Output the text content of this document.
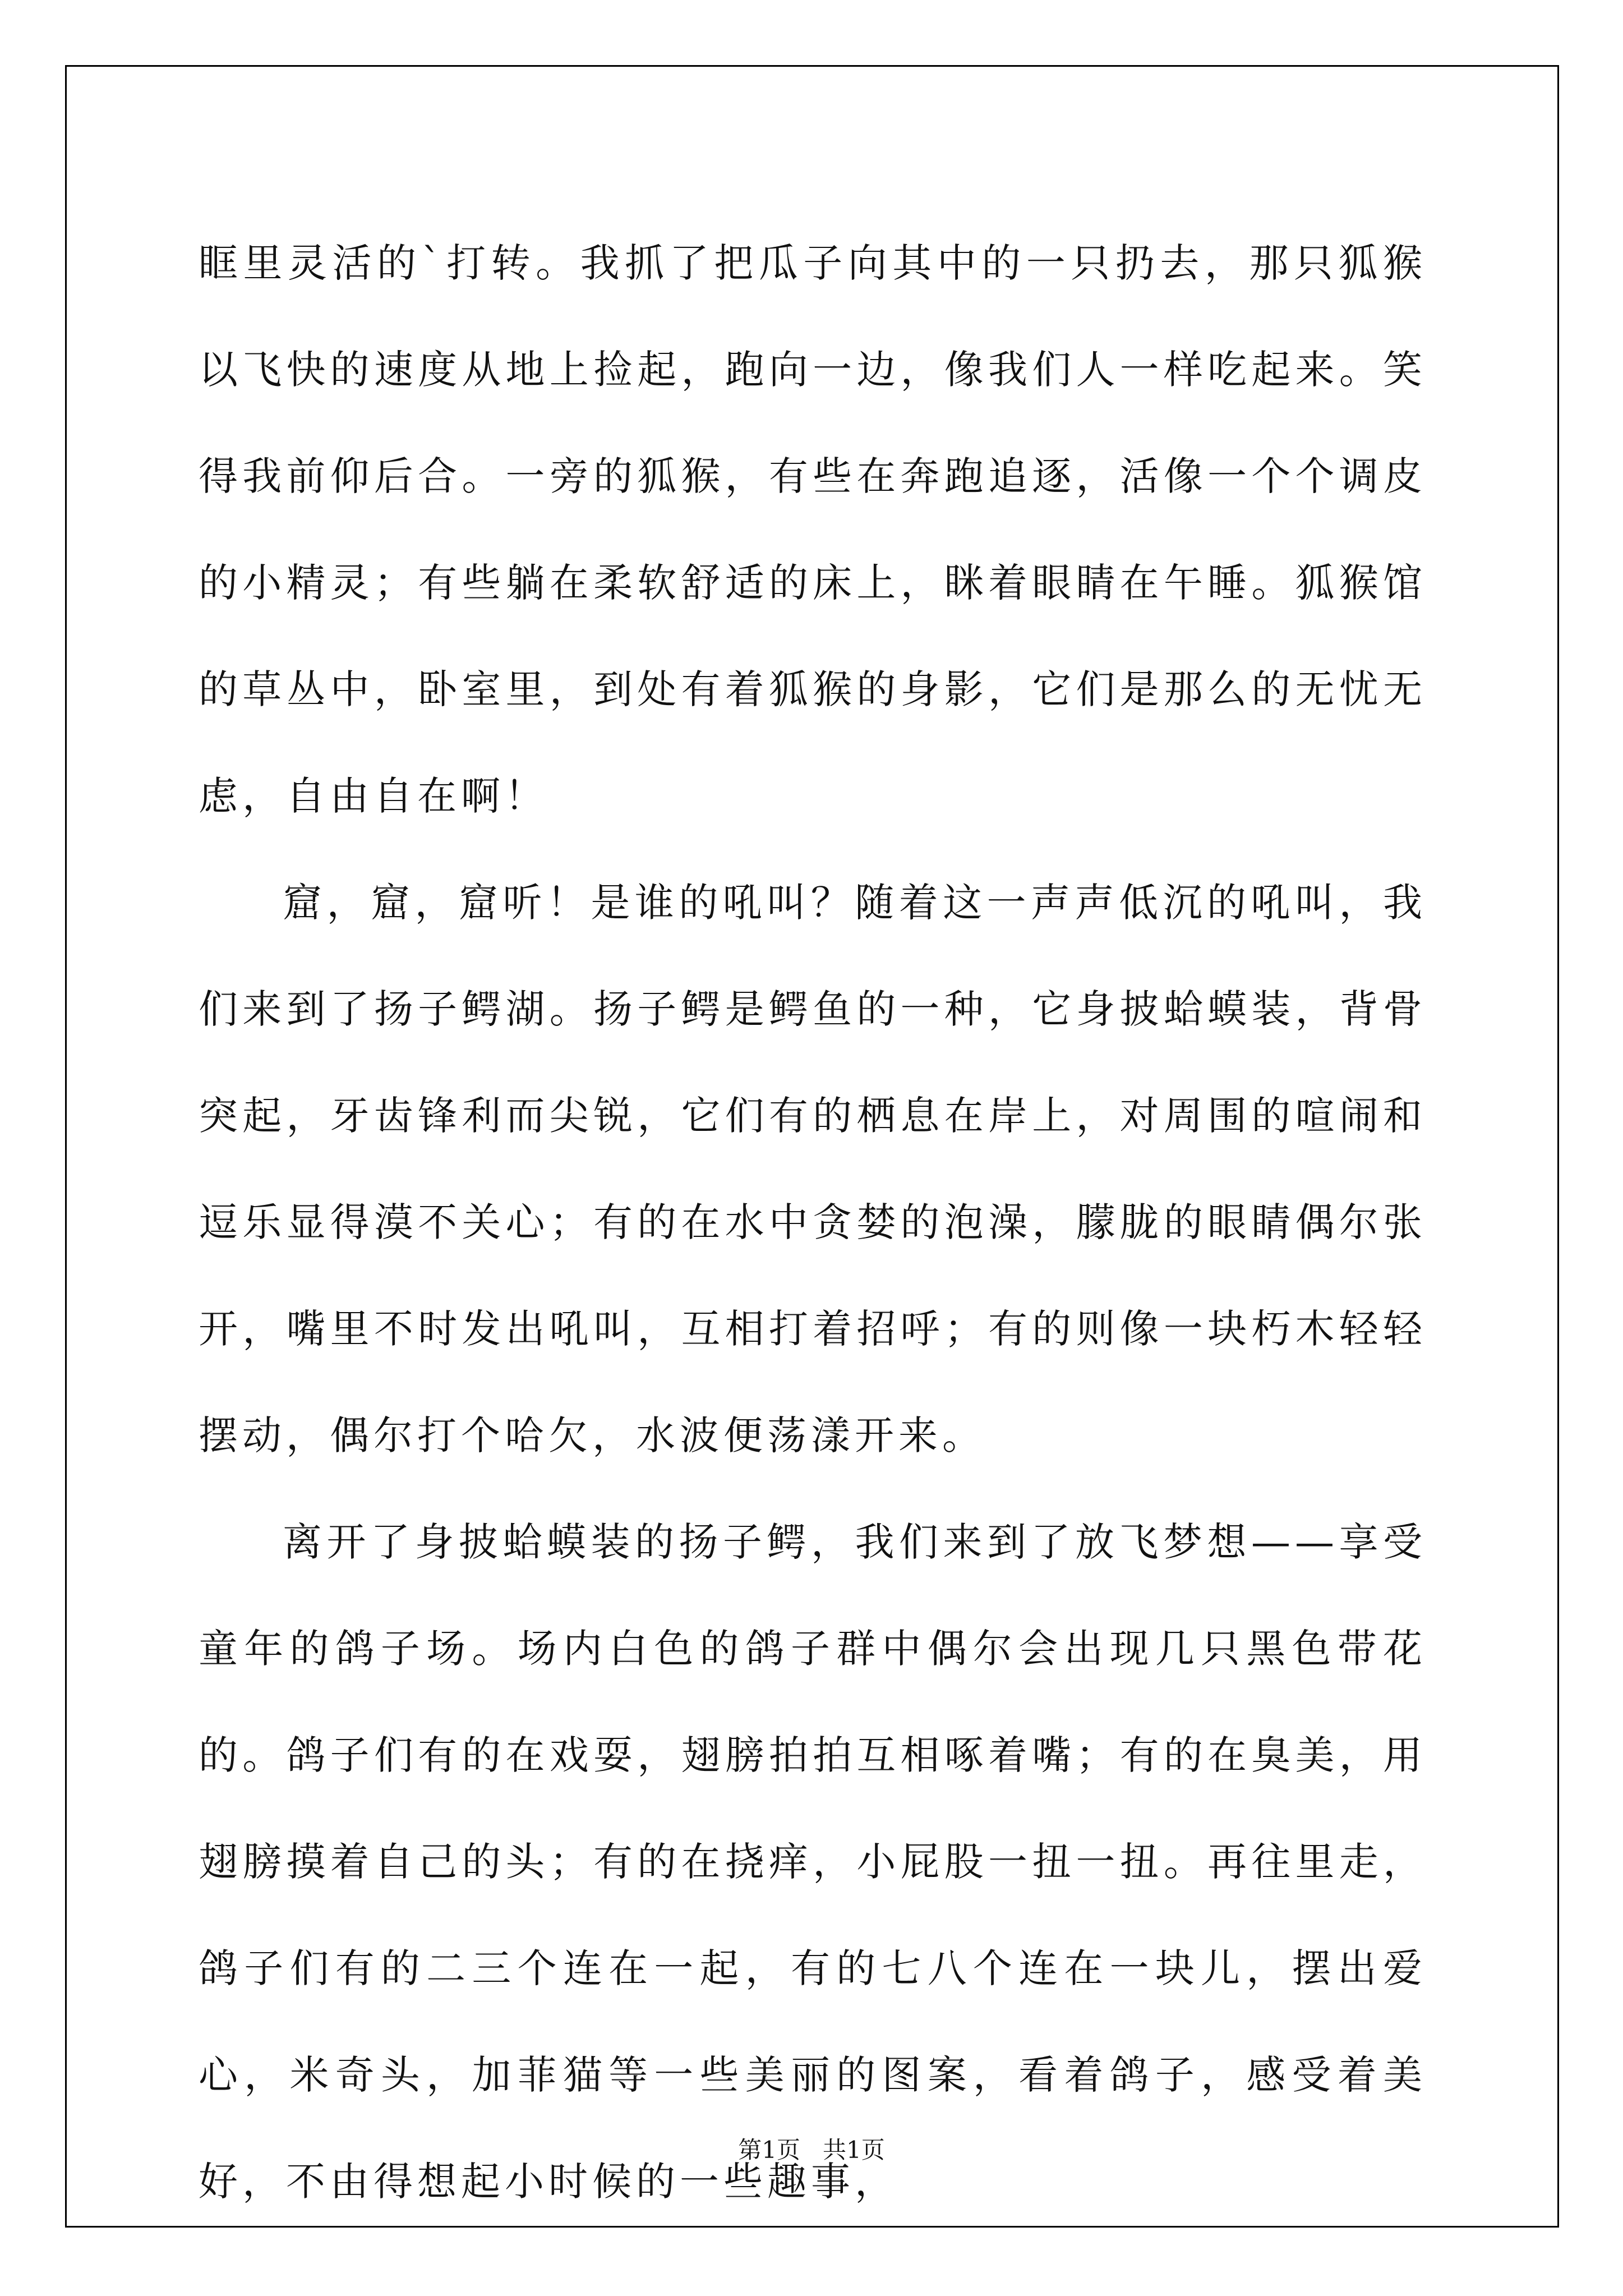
眶里灵活的`打转。我抓了把瓜子向其中的一只扔去，那只狐猴以飞快的速度从地上捡起，跑向一边，像我们人一样吃起来。笑得我前仰后合。一旁的狐猴，有些在奔跑追逐，活像一个个调皮的小精灵；有些躺在柔软舒适的床上，眯着眼睛在午睡。狐猴馆的草丛中，卧室里，到处有着狐猴的身影，它们是那么的无忧无虑，自由自在啊！

窟，窟，窟听！是谁的吼叫？随着这一声声低沉的吼叫，我们来到了扬子鳄湖。扬子鳄是鳄鱼的一种，它身披蛤蟆装，背骨突起，牙齿锋利而尖锐，它们有的栖息在岸上，对周围的喧闹和逗乐显得漠不关心；有的在水中贪婪的泡澡，朦胧的眼睛偶尔张开，嘴里不时发出吼叫，互相打着招呼；有的则像一块朽木轻轻摆动，偶尔打个哈欠，水波便荡漾开来。

离开了身披蛤蟆装的扬子鳄，我们来到了放飞梦想——享受童年的鸽子场。场内白色的鸽子群中偶尔会出现几只黑色带花的。鸽子们有的在戏耍，翅膀拍拍互相啄着嘴；有的在臭美，用翅膀摸着自己的头；有的在挠痒，小屁股一扭一扭。再往里走，鸽子们有的二三个连在一起，有的七八个连在一块儿，摆出爱心，米奇头，加菲猫等一些美丽的图案，看着鸽子，感受着美好，不由得想起小时候的一些趣事，

第1页 共1页
